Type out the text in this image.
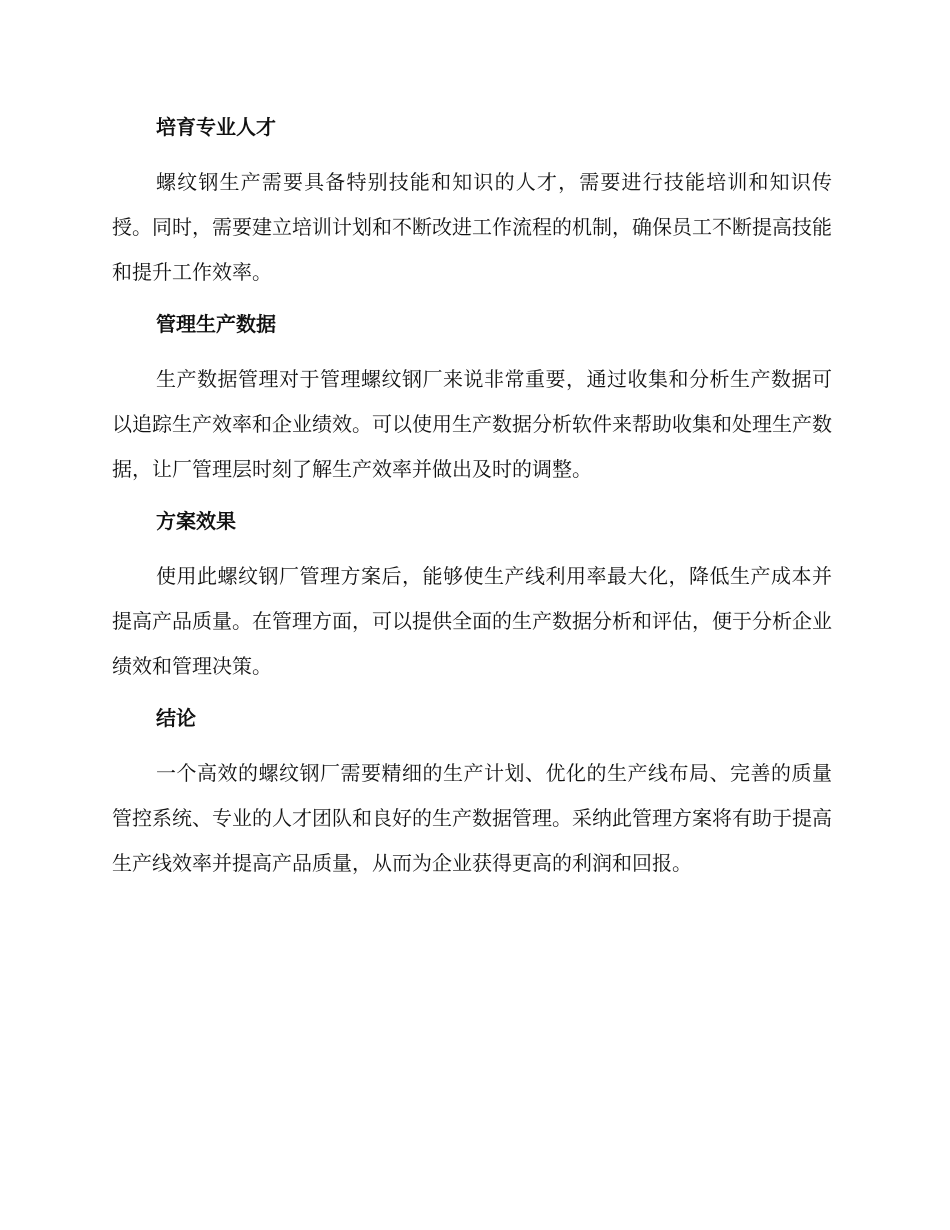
培育专业人才

螺纹钢生产需要具备特别技能和知识的人才，需要进行技能培训和知识传授。同时，需要建立培训计划和不断改进工作流程的机制，确保员工不断提高技能和提升工作效率。

管理生产数据

生产数据管理对于管理螺纹钢厂来说非常重要，通过收集和分析生产数据可以追踪生产效率和企业绩效。可以使用生产数据分析软件来帮助收集和处理生产数据，让厂管理层时刻了解生产效率并做出及时的调整。

方案效果

使用此螺纹钢厂管理方案后，能够使生产线利用率最大化，降低生产成本并提高产品质量。在管理方面，可以提供全面的生产数据分析和评估，便于分析企业绩效和管理决策。

结论

一个高效的螺纹钢厂需要精细的生产计划、优化的生产线布局、完善的质量管控系统、专业的人才团队和良好的生产数据管理。采纳此管理方案将有助于提高生产线效率并提高产品质量，从而为企业获得更高的利润和回报。
